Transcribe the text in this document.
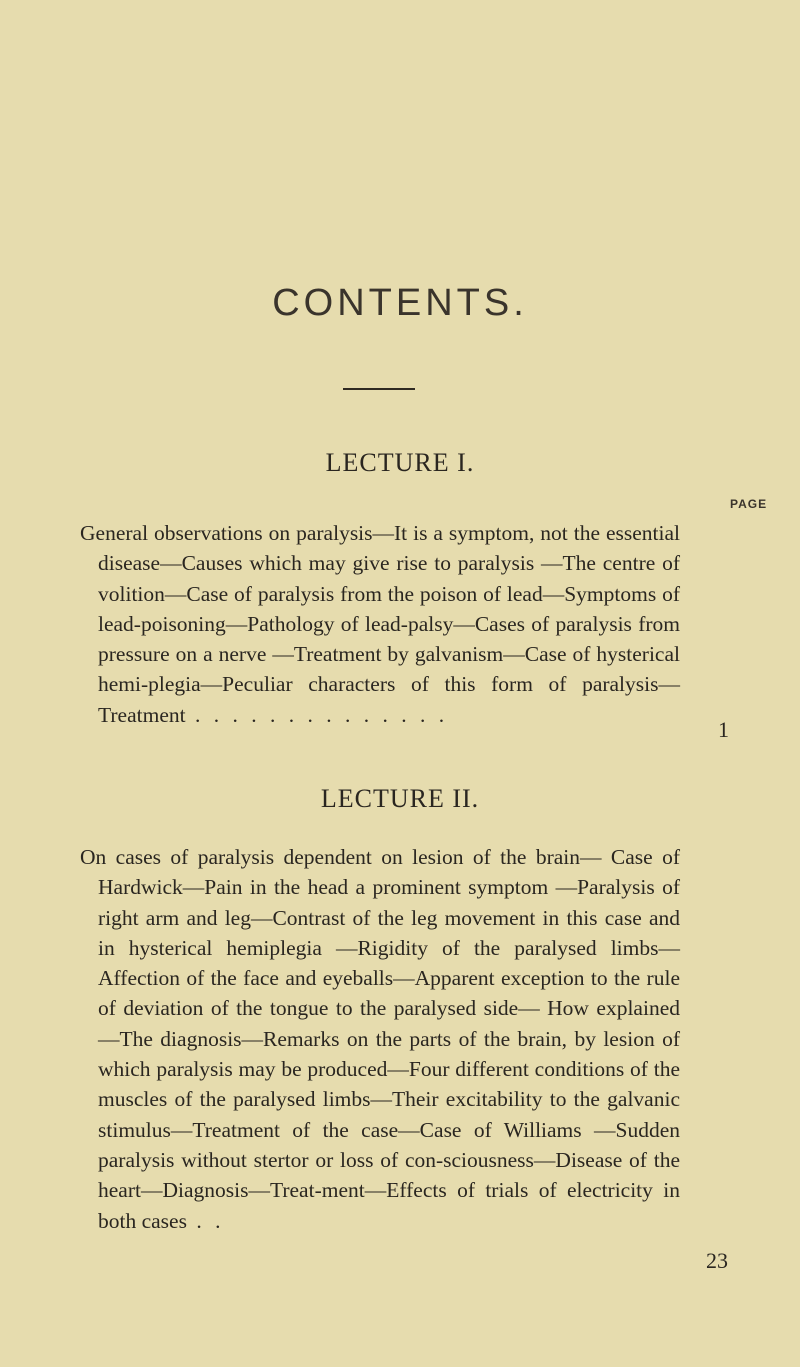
CONTENTS.
LECTURE I.
PAGE
General observations on paralysis—It is a symptom, not the essential disease—Causes which may give rise to paralysis —The centre of volition—Case of paralysis from the poison of lead—Symptoms of lead-poisoning—Pathology of lead-palsy—Cases of paralysis from pressure on a nerve —Treatment by galvanism—Case of hysterical hemi-plegia—Peculiar characters of this form of paralysis— Treatment . . . . . . . . . . . . . .
1
LECTURE II.
On cases of paralysis dependent on lesion of the brain— Case of Hardwick—Pain in the head a prominent symptom —Paralysis of right arm and leg—Contrast of the leg movement in this case and in hysterical hemiplegia —Rigidity of the paralysed limbs—Affection of the face and eyeballs—Apparent exception to the rule of deviation of the tongue to the paralysed side— How explained—The diagnosis—Remarks on the parts of the brain, by lesion of which paralysis may be produced—Four different conditions of the muscles of the paralysed limbs—Their excitability to the galvanic stimulus—Treatment of the case—Case of Williams —Sudden paralysis without stertor or loss of con-sciousness—Disease of the heart—Diagnosis—Treat-ment—Effects of trials of electricity in both cases . .
23
